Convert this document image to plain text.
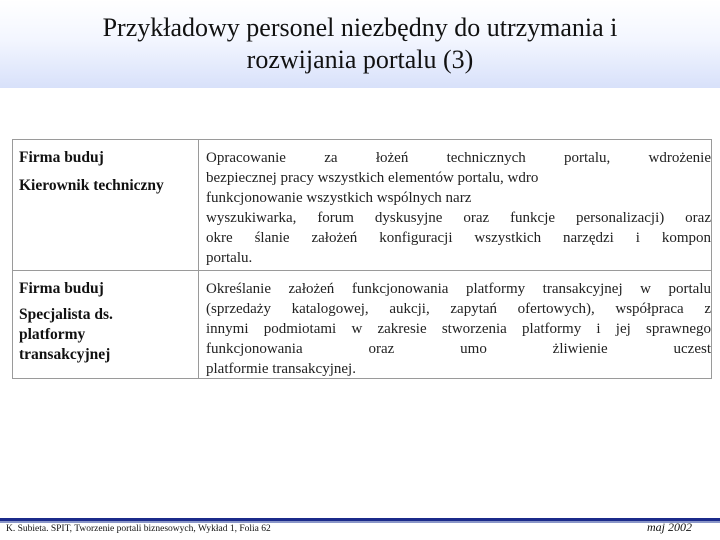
Przykładowy personel niezbędny do utrzymania i
rozwijania portalu (3)

Firma buduj

Kierownik techniczny

Opracowanie za łożeń technicznych portalu, wdrożenie
bezpiecznej pracy wszystkich elementów portalu, wdro
funkcjonowanie wszystkich wspólnych narz
wyszukiwarka, forum dyskusyjne oraz funkcje personalizacji) oraz
okre ślanie założeń konfiguracji wszystkich narzędzi i kompon
portalu.

Firma buduj

Specjalista ds.

platformy

transakcyjnej

Określanie założeń funkcjonowania platformy transakcyjnej w portalu
(sprzedaży katalogowej, aukcji, zapytań ofertowych), współpraca z
innymi podmiotami w zakresie stworzenia platformy i jej sprawnego
funkcjonowania oraz umo żliwienie uczest
platformie transakcyjnej.

K. Subieta. SPIT, Tworzenie portali biznesowych, Wykład 1, Folia 62	maj 2002
